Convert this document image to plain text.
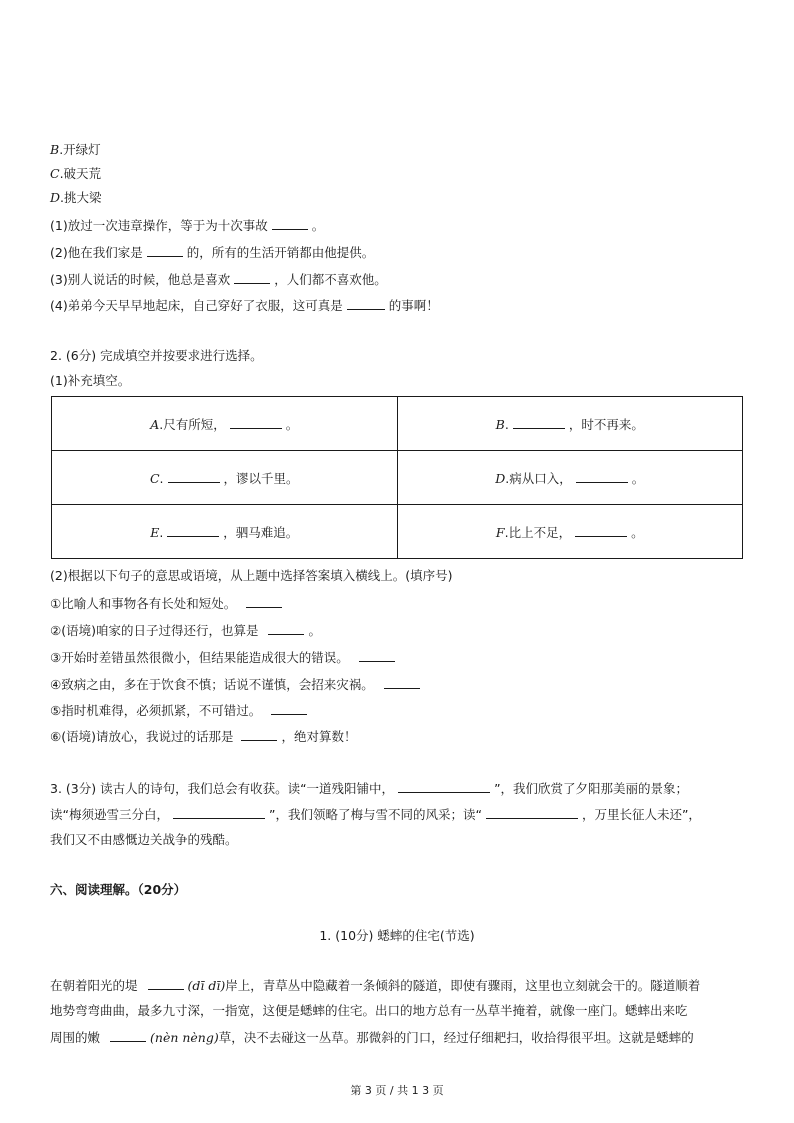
B.开绿灯
C.破天荒
D.挑大梁
(1)放过一次违章操作，等于为十次事故	。
(2)他在我们家是	的，所有的生活开销都由他提供。
(3)别人说话的时候，他总是喜欢	，人们都不喜欢他。
(4)弟弟今天早早地起床，自己穿好了衣服，这可真是	的事啊！
2. (6分) 完成填空并按要求进行选择。
(1)补充填空。
A.尺有所短， 。	B. ，时不再来。
C. ，谬以千里。	D.病从口入， 。
E. ，驷马难追。	F.比上不足， 。
(2)根据以下句子的意思或语境，从上题中选择答案填入横线上。(填序号)
①比喻人和事物各有长处和短处。
②(语境)咱家的日子过得还行，也算是	。
③开始时差错虽然很微小，但结果能造成很大的错误。
④致病之由，多在于饮食不慎；话说不谨慎，会招来灾祸。
⑤指时机难得，必须抓紧，不可错过。
⑥(语境)请放心，我说过的话那是	，绝对算数！
3. (3分) 读古人的诗句，我们总会有收获。读“一道残阳铺中，	”，我们欣赏了夕阳那美丽的景象；
读“梅须逊雪三分白，	”，我们领略了梅与雪不同的风采；读“	，万里长征人未还”，
我们又不由感慨边关战争的残酷。
六、阅读理解。（20分）
1. (10分) 蟋蟀的住宅(节选)
在朝着阳光的堤	(dī dī)岸上，青草丛中隐藏着一条倾斜的隧道，即使有骤雨，这里也立刻就会干的。隧道顺着
地势弯弯曲曲，最多九寸深，一指宽，这便是蟋蟀的住宅。出口的地方总有一丛草半掩着，就像一座门。蟋蟀出来吃
周围的嫩	(nèn nèng)草，决不去碰这一丛草。那微斜的门口，经过仔细耙扫，收拾得很平坦。这就是蟋蟀的
第 3 页 / 共 1 3 页
